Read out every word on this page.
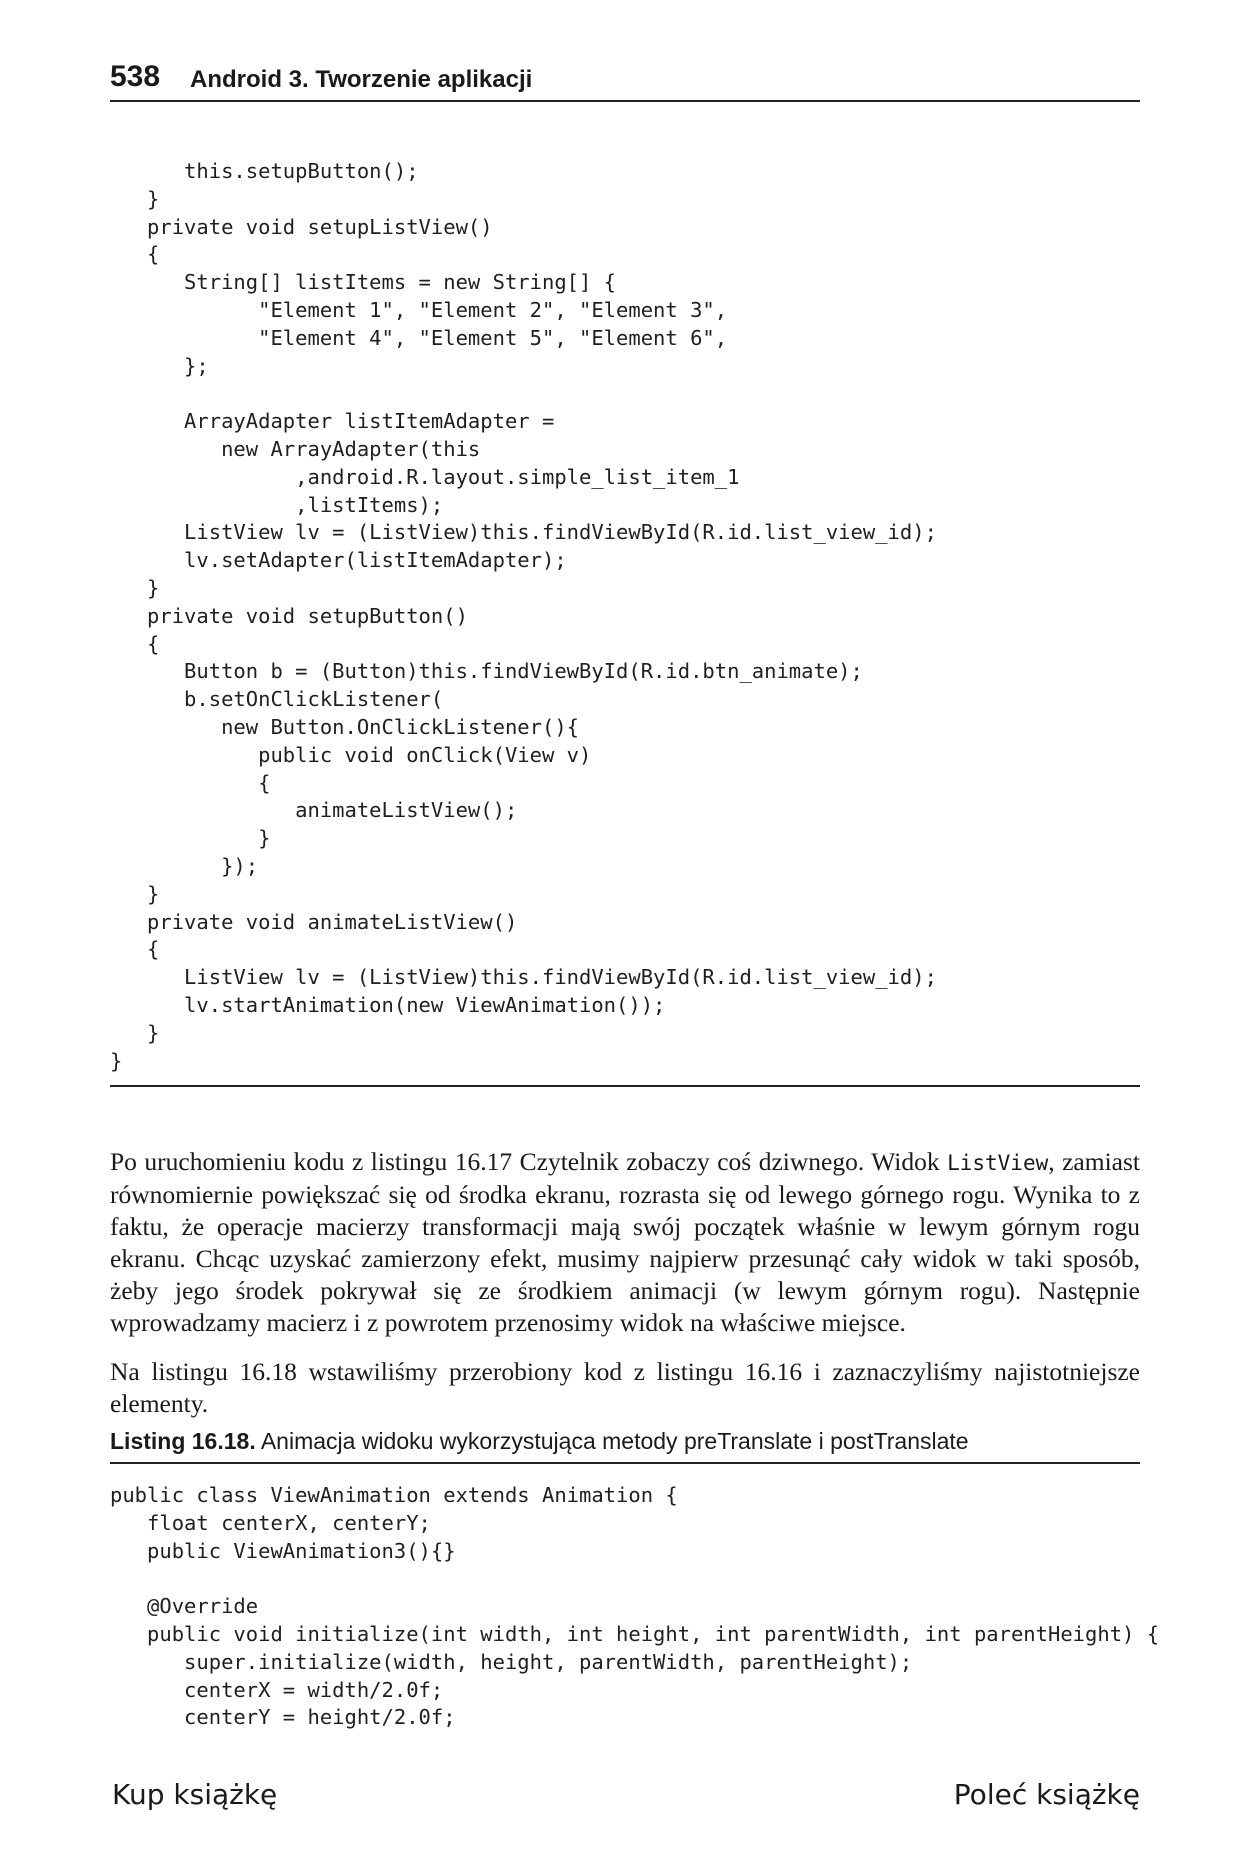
538 Android 3. Tworzenie aplikacji
this.setupButton();
}
private void setupListView()
{
String[] listItems = new String[] {
"Element 1", "Element 2", "Element 3",
"Element 4", "Element 5", "Element 6",
};

ArrayAdapter listItemAdapter =
new ArrayAdapter(this
,android.R.layout.simple_list_item_1
,listItems);
ListView lv = (ListView)this.findViewById(R.id.list_view_id);
lv.setAdapter(listItemAdapter);
}
private void setupButton()
{
Button b = (Button)this.findViewById(R.id.btn_animate);
b.setOnClickListener(
new Button.OnClickListener(){
public void onClick(View v)
{
animateListView();
}
});
}
private void animateListView()
{
ListView lv = (ListView)this.findViewById(R.id.list_view_id);
lv.startAnimation(new ViewAnimation());
}
}

Po uruchomieniu kodu z listingu 16.17 Czytelnik zobaczy coś dziwnego. Widok ListView, zamiast równomiernie powiększać się od środka ekranu, rozrasta się od lewego górnego rogu. Wynika to z faktu, że operacje macierzy transformacji mają swój początek właśnie w lewym górnym rogu ekranu. Chcąc uzyskać zamierzony efekt, musimy najpierw przesunąć cały widok w taki sposób, żeby jego środek pokrywał się ze środkiem animacji (w lewym górnym rogu). Następnie wprowadzamy macierz i z powrotem przenosimy widok na właściwe miejsce.

Na listingu 16.18 wstawiliśmy przerobiony kod z listingu 16.16 i zaznaczyliśmy najistotniejsze elementy.

Listing 16.18. Animacja widoku wykorzystująca metody preTranslate i postTranslate
public class ViewAnimation extends Animation {
float centerX, centerY;
public ViewAnimation3(){}

@Override
public void initialize(int width, int height, int parentWidth, int parentHeight) {
super.initialize(width, height, parentWidth, parentHeight);
centerX = width/2.0f;
centerY = height/2.0f;
Kup książkę	Poleć książkę
